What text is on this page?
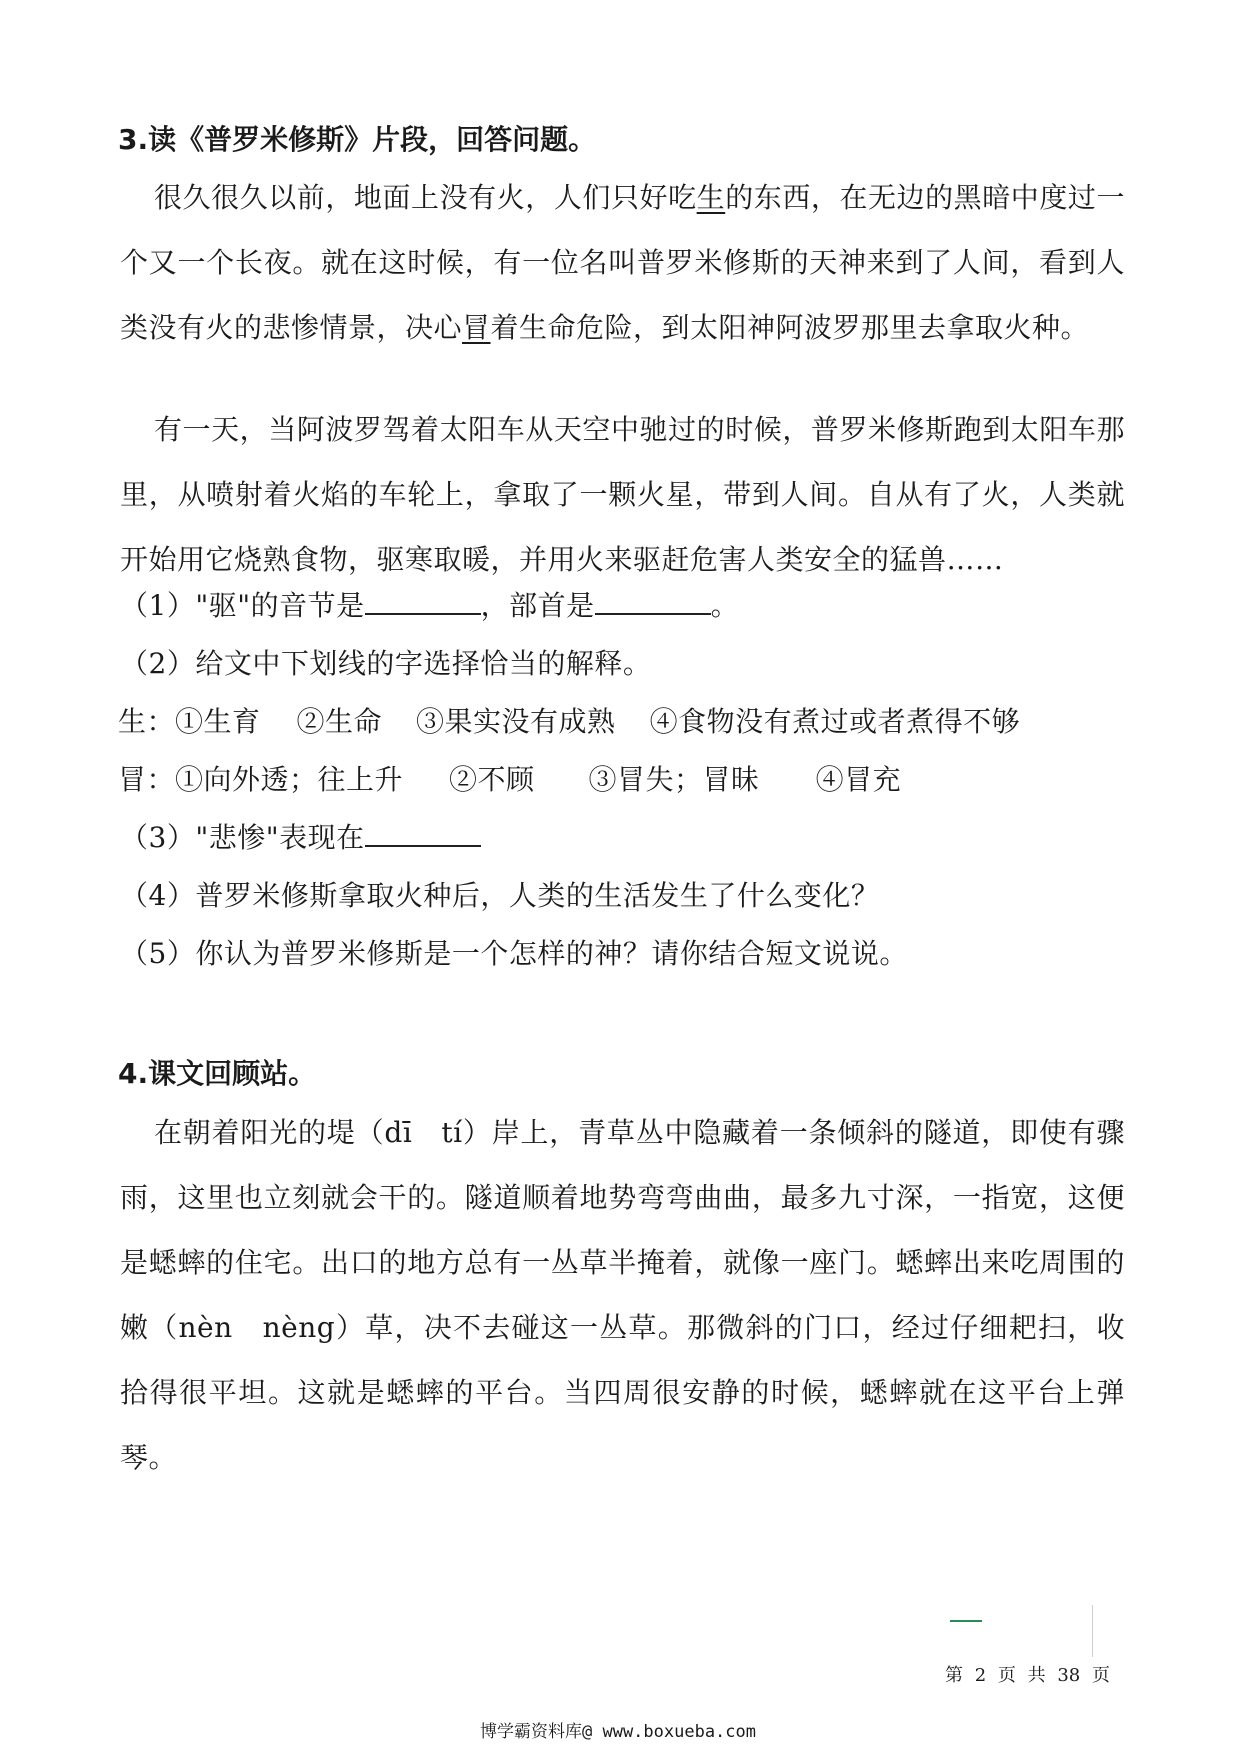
3.读《普罗米修斯》片段，回答问题。

很久很久以前，地面上没有火，人们只好吃生的东西，在无边的黑暗中度过一个又一个长夜。就在这时候，有一位名叫普罗米修斯的天神来到了人间，看到人类没有火的悲惨情景，决心冒着生命危险，到太阳神阿波罗那里去拿取火种。

有一天，当阿波罗驾着太阳车从天空中驰过的时候，普罗米修斯跑到太阳车那里，从喷射着火焰的车轮上，拿取了一颗火星，带到人间。自从有了火，人类就开始用它烧熟食物，驱寒取暖，并用火来驱赶危害人类安全的猛兽……

（1）"驱"的音节是	，部首是	。
（2）给文中下划线的字选择恰当的解释。
生：①生育 ②生命 ③果实没有成熟 ④食物没有煮过或者煮得不够
冒：①向外透；往上升 ②不顾 ③冒失；冒昧 ④冒充
（3）"悲惨"表现在
（4）普罗米修斯拿取火种后，人类的生活发生了什么变化？
（5）你认为普罗米修斯是一个怎样的神？请你结合短文说说。
4.课文回顾站。

在朝着阳光的堤（dī　tí）岸上，青草丛中隐藏着一条倾斜的隧道，即使有骤雨，这里也立刻就会干的。隧道顺着地势弯弯曲曲，最多九寸深，一指宽，这便是蟋蟀的住宅。出口的地方总有一丛草半掩着，就像一座门。蟋蟀出来吃周围的嫩（nèn　nèng）草，决不去碰这一丛草。那微斜的门口，经过仔细耙扫，收拾得很平坦。这就是蟋蟀的平台。当四周很安静的时候，蟋蟀就在这平台上弹琴。

第 2 页 共 38 页
博学霸资料库@ www.boxueba.com
